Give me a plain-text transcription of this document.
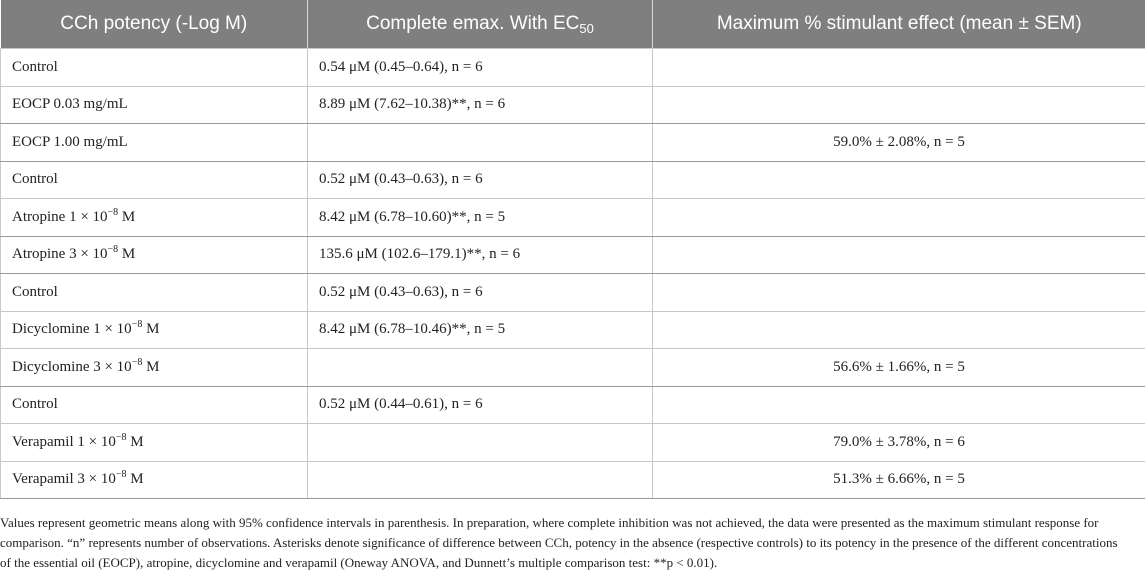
CCh potency (-Log M)	Complete emax. With $EC_{50}$	Maximum % stimulant effect (mean ± SEM)
Control	0.54 μM (0.45–0.64), n = 6	
EOCP 0.03 mg/mL	8.89 μM (7.62–10.38)**, n = 6	
EOCP 1.00 mg/mL		59.0% ± 2.08%, n = 5
Control	0.52 μM (0.43–0.63), n = 6	
Atropine $1 \times 10^{-8}$ M	8.42 μM (6.78–10.60)**, n = 5	
Atropine $3 \times 10^{-8}$ M	135.6 μM (102.6–179.1)**, n = 6	
Control	0.52 μM (0.43–0.63), n = 6	
Dicyclomine $1 \times 10^{-8}$ M	8.42 μM (6.78–10.46)**, n = 5	
Dicyclomine $3 \times 10^{-8}$ M		56.6% ± 1.66%, n = 5
Control	0.52 μM (0.44–0.61), n = 6	
Verapamil $1 \times 10^{-8}$ M		79.0% ± 3.78%, n = 6
Verapamil $3 \times 10^{-8}$ M		51.3% ± 6.66%, n = 5

Values represent geometric means along with 95% confidence intervals in parenthesis. In preparation, where complete inhibition was not achieved, the data were presented as the maximum stimulant response for comparison. “n” represents number of observations. Asterisks denote significance of difference between CCh, potency in the absence (respective controls) to its potency in the presence of the different concentrations of the essential oil (EOCP), atropine, dicyclomine and verapamil (Oneway ANOVA, and Dunnett’s multiple comparison test: **p < 0.01).
